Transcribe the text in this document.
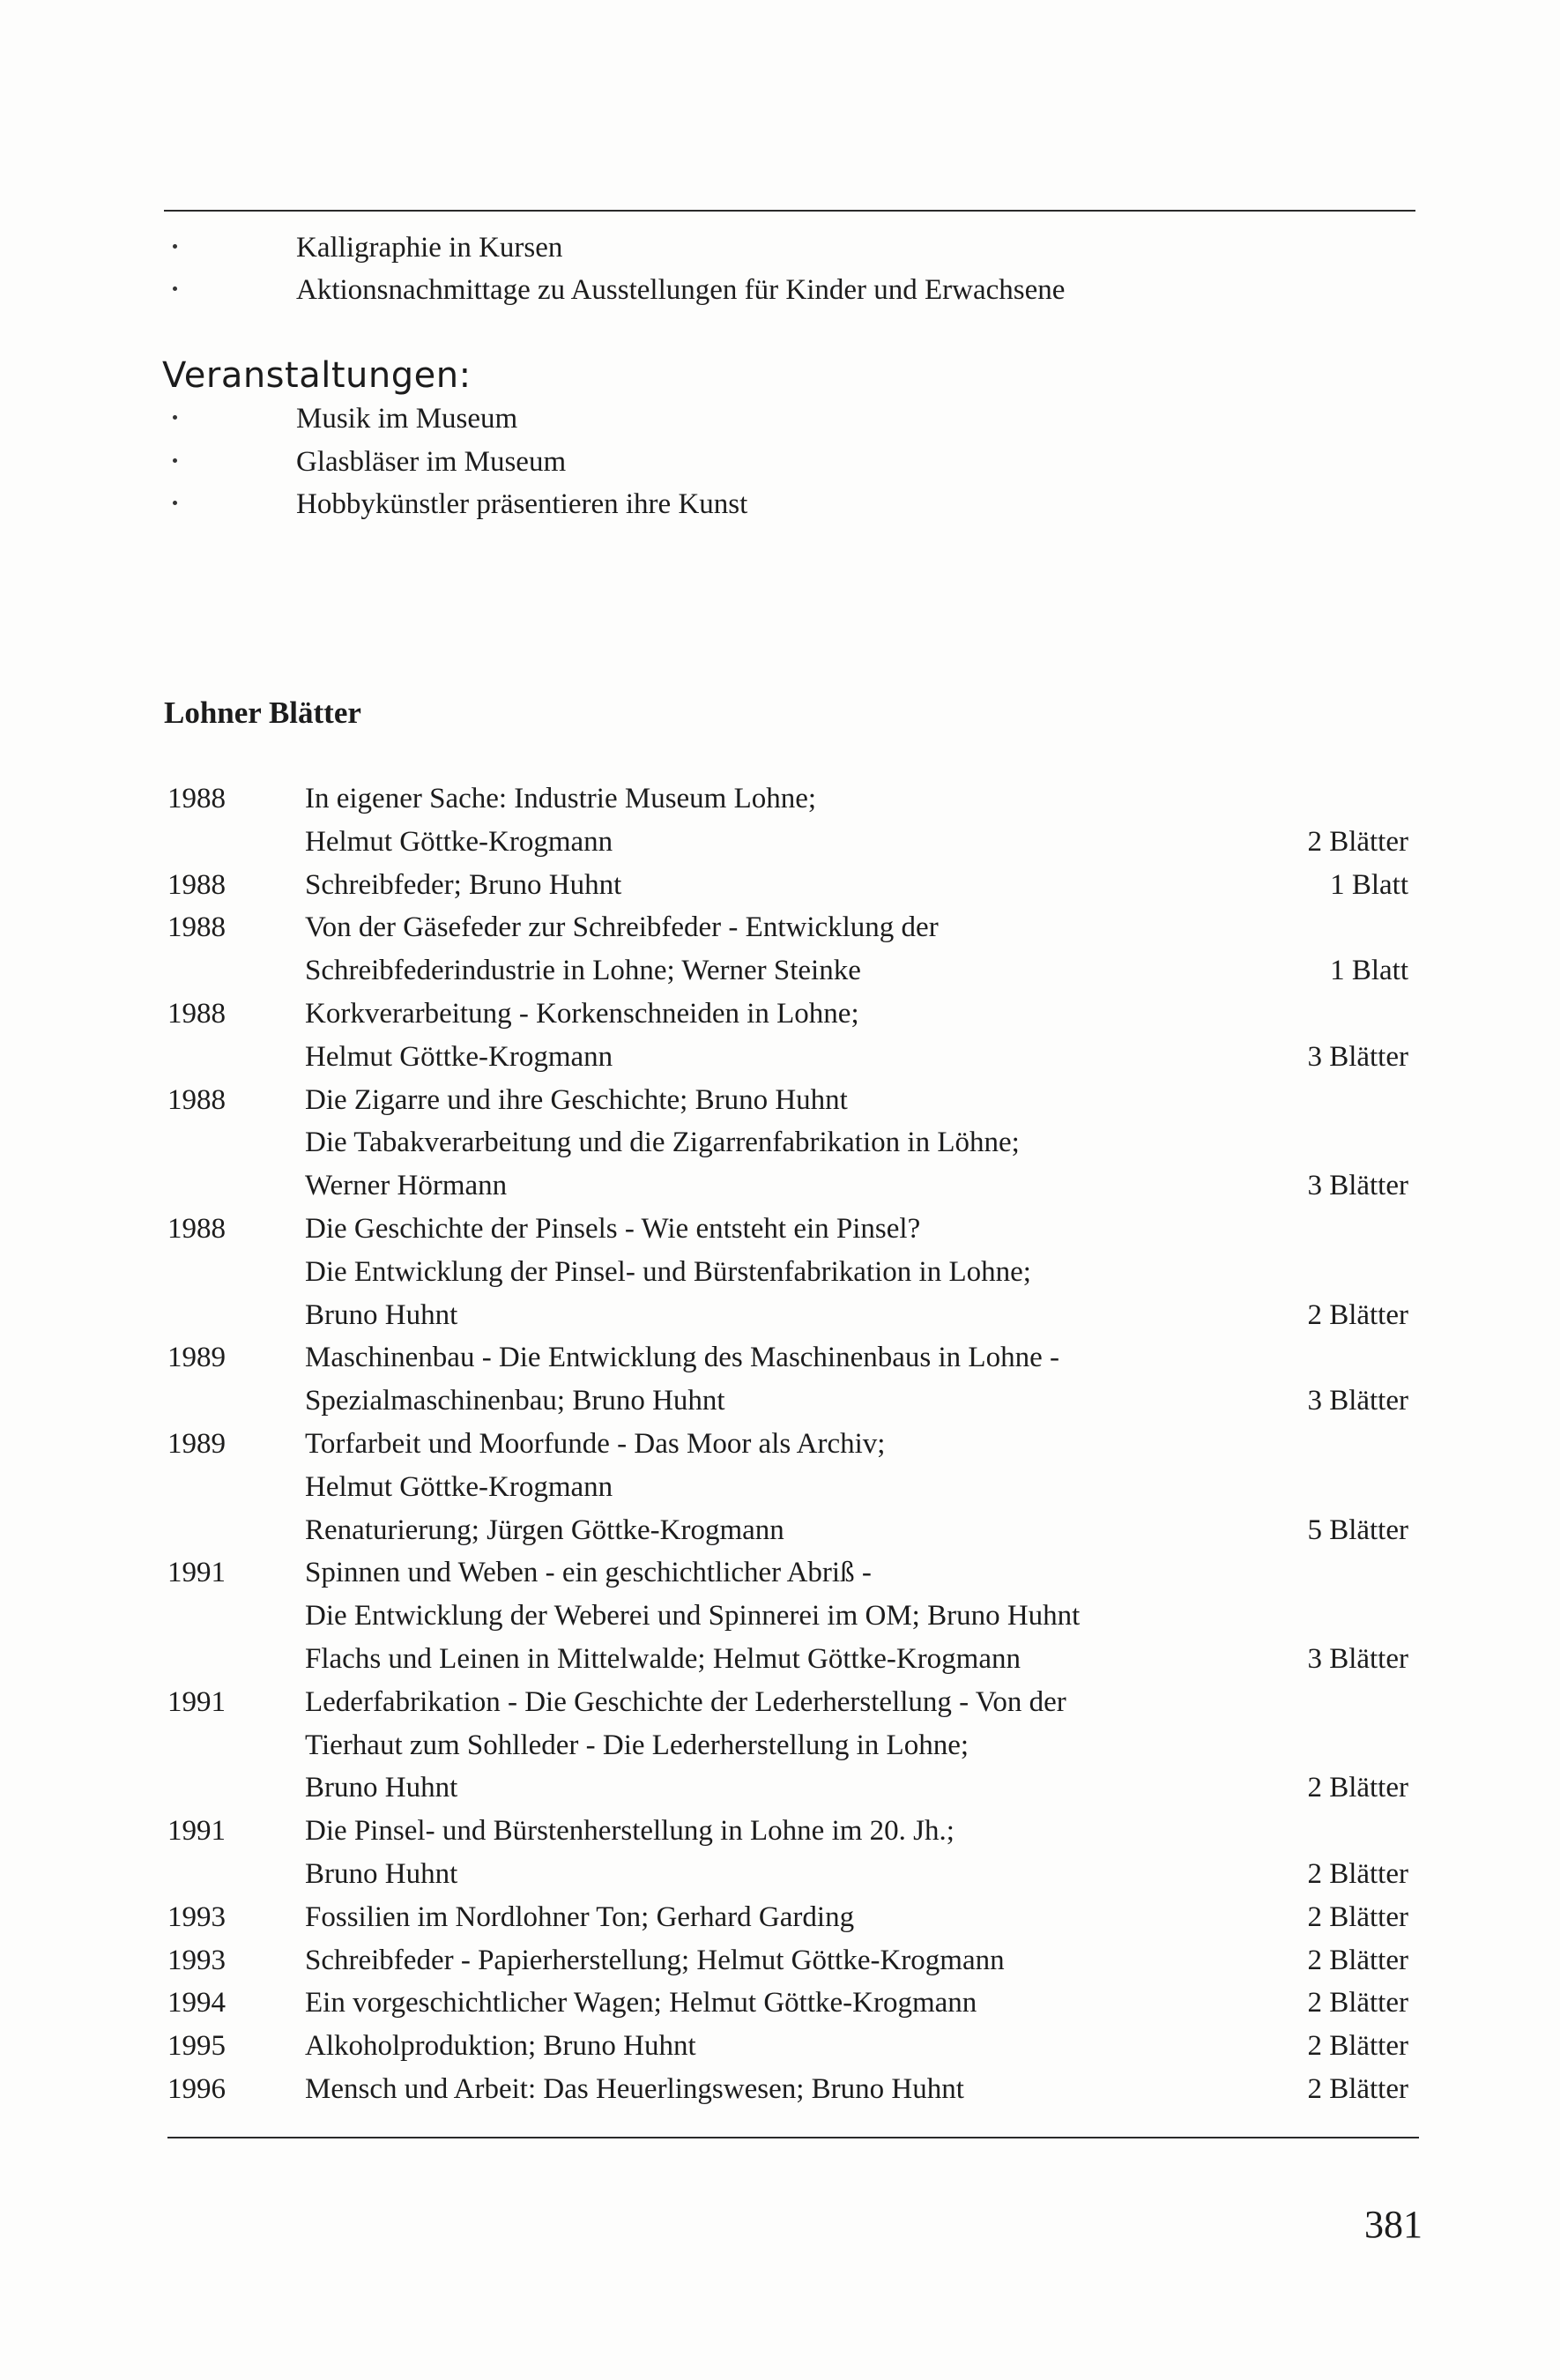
Kalligraphie in Kursen
Aktionsnachmittage zu Ausstellungen für Kinder und Erwachsene
Veranstaltungen:
Musik im Museum
Glasbläser im Museum
Hobbykünstler präsentieren ihre Kunst
Lohner Blätter
1988	In eigener Sache: Industrie Museum Lohne;
Helmut Göttke-Krogmann	2 Blätter
1988	Schreibfeder; Bruno Huhnt	1 Blatt
1988	Von der Gäsefeder zur Schreibfeder - Entwicklung der
Schreibfederindustrie in Lohne; Werner Steinke	1 Blatt
1988	Korkverarbeitung - Korkenschneiden in Lohne;
Helmut Göttke-Krogmann	3 Blätter
1988	Die Zigarre und ihre Geschichte; Bruno Huhnt
Die Tabakverarbeitung und die Zigarrenfabrikation in Löhne;
Werner Hörmann	3 Blätter
1988	Die Geschichte der Pinsels - Wie entsteht ein Pinsel?
Die Entwicklung der Pinsel- und Bürstenfabrikation in Lohne;
Bruno Huhnt	2 Blätter
1989	Maschinenbau - Die Entwicklung des Maschinenbaus in Lohne -
Spezialmaschinenbau; Bruno Huhnt	3 Blätter
1989	Torfarbeit und Moorfunde - Das Moor als Archiv;
Helmut Göttke-Krogmann
Renaturierung; Jürgen Göttke-Krogmann	5 Blätter
1991	Spinnen und Weben - ein geschichtlicher Abriß -
Die Entwicklung der Weberei und Spinnerei im OM; Bruno Huhnt
Flachs und Leinen in Mittelwalde; Helmut Göttke-Krogmann	3 Blätter
1991	Lederfabrikation - Die Geschichte der Lederherstellung - Von der
Tierhaut zum Sohlleder - Die Lederherstellung in Lohne;
Bruno Huhnt	2 Blätter
1991	Die Pinsel- und Bürstenherstellung in Lohne im 20. Jh.;
Bruno Huhnt	2 Blätter
1993	Fossilien im Nordlohner Ton; Gerhard Garding	2 Blätter
1993	Schreibfeder - Papierherstellung; Helmut Göttke-Krogmann	2 Blätter
1994	Ein vorgeschichtlicher Wagen; Helmut Göttke-Krogmann	2 Blätter
1995	Alkoholproduktion; Bruno Huhnt	2 Blätter
1996	Mensch und Arbeit: Das Heuerlingswesen; Bruno Huhnt	2 Blätter
381
